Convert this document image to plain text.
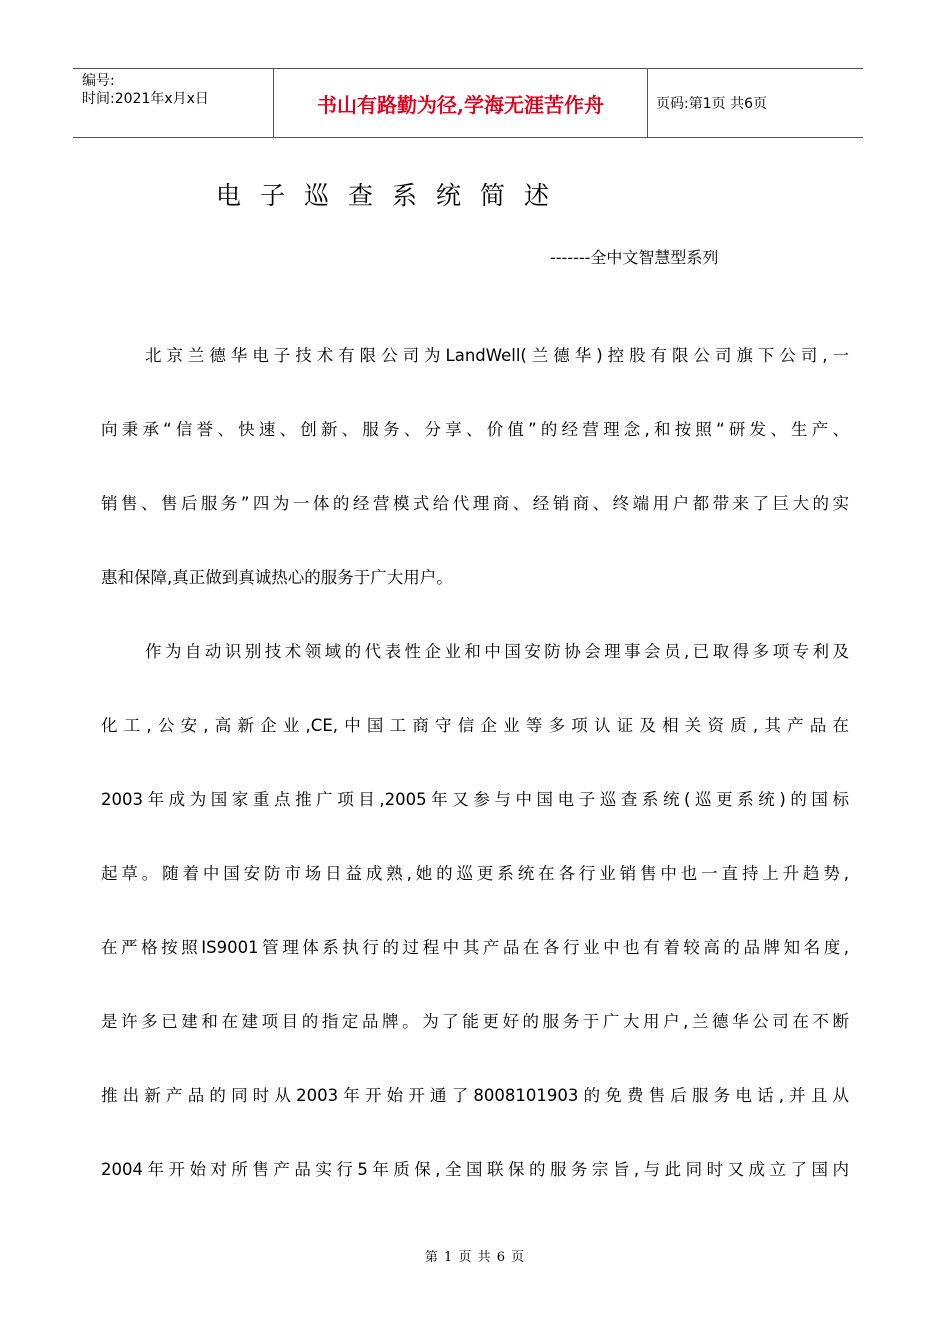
编号:
时间:2021年x月x日	书山有路勤为径,学海无涯苦作舟	页码:第1页 共6页
电子巡查系统简述
-------全中文智慧型系列
北京兰德华电子技术有限公司为LandWell(兰德华)控股有限公司旗下公司,一
向秉承“信誉、快速、创新、服务、分享、价值”的经营理念,和按照“研发、生产、
销售、售后服务”四为一体的经营模式给代理商、经销商、终端用户都带来了巨大的实
惠和保障,真正做到真诚热心的服务于广大用户。
作为自动识别技术领域的代表性企业和中国安防协会理事会员,已取得多项专利及
化工,公安,高新企业,CE,中国工商守信企业等多项认证及相关资质,其产品在
2003年成为国家重点推广项目,2005年又参与中国电子巡查系统(巡更系统)的国标
起草。随着中国安防市场日益成熟,她的巡更系统在各行业销售中也一直持上升趋势,
在严格按照IS9001管理体系执行的过程中其产品在各行业中也有着较高的品牌知名度,
是许多已建和在建项目的指定品牌。为了能更好的服务于广大用户,兰德华公司在不断
推出新产品的同时从2003年开始开通了8008101903的免费售后服务电话,并且从
2004年开始对所售产品实行5年质保,全国联保的服务宗旨,与此同时又成立了国内
第 1 页 共 6 页
